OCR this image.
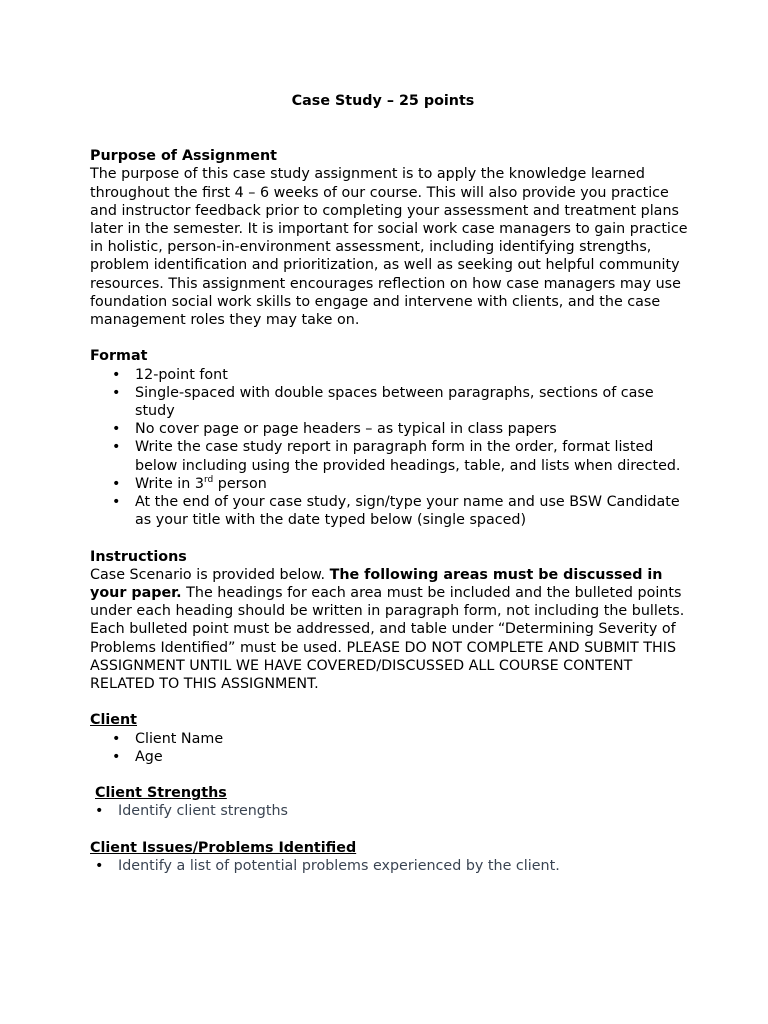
Case Study – 25 points
Purpose of Assignment

The purpose of this case study assignment is to apply the knowledge learned throughout the first 4 – 6 weeks of our course. This will also provide you practice and instructor feedback prior to completing your assessment and treatment plans later in the semester. It is important for social work case managers to gain practice in holistic, person-in-environment assessment, including identifying strengths, problem identification and prioritization, as well as seeking out helpful community resources. This assignment encourages reflection on how case managers may use foundation social work skills to engage and intervene with clients, and the case management roles they may take on.

Format
• 12-point font
• Single-spaced with double spaces between paragraphs, sections of case study
• No cover page or page headers – as typical in class papers
• Write the case study report in paragraph form in the order, format listed below including using the provided headings, table, and lists when directed.
• Write in 3rd person
• At the end of your case study, sign/type your name and use BSW Candidate as your title with the date typed below (single spaced)
Instructions

Case Scenario is provided below. The following areas must be discussed in your paper. The headings for each area must be included and the bulleted points under each heading should be written in paragraph form, not including the bullets. Each bulleted point must be addressed, and table under “Determining Severity of Problems Identified” must be used. PLEASE DO NOT COMPLETE AND SUBMIT THIS ASSIGNMENT UNTIL WE HAVE COVERED/DISCUSSED ALL COURSE CONTENT RELATED TO THIS ASSIGNMENT.

Client
• Client Name
• Age
Client Strengths
• Identify client strengths
Client Issues/Problems Identified
• Identify a list of potential problems experienced by the client.
